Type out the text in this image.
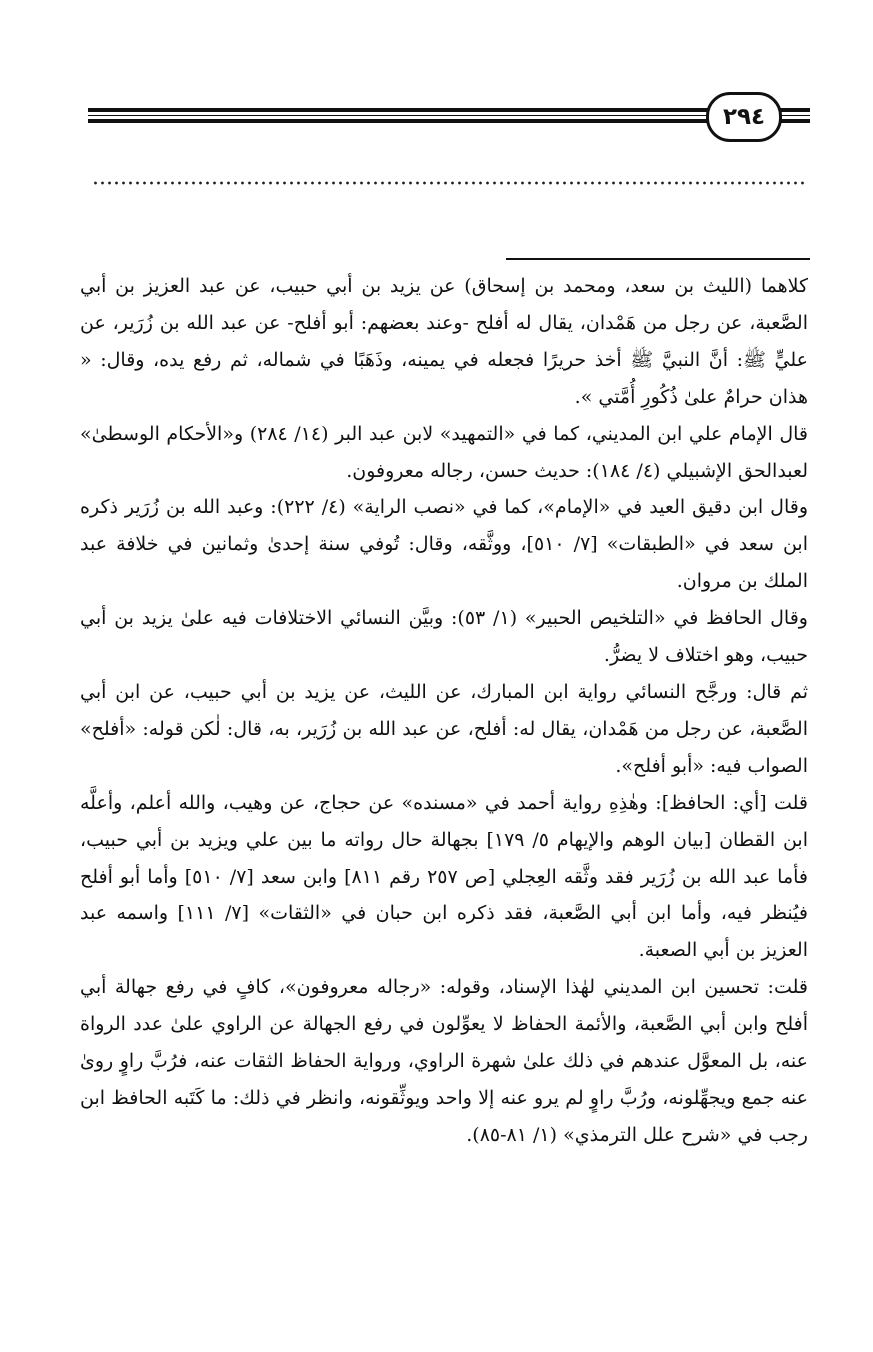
٢٩٤

كلاهما (الليث بن سعد، ومحمد بن إسحاق) عن يزيد بن أبي حبيب، عن عبد العزيز بن أبي الصَّعبة، عن رجل من هَمْدان، يقال له أفلح -وعند بعضهم: أبو أفلح- عن عبد الله بن زُرَير، عن عليٍّ ﷺ: أنَّ النبيَّ ﷺ أخذ حريرًا فجعله في يمينه، وذَهَبًا في شماله، ثم رفع يده، وقال: « هذان حرامٌ علىٰ ذُكُورِ أُمَّتي ».

قال الإمام علي ابن المديني، كما في «التمهيد» لابن عبد البر (١٤/ ٢٨٤) و«الأحكام الوسطىٰ» لعبدالحق الإشبيلي (٤/ ١٨٤): حديث حسن، رجاله معروفون.

وقال ابن دقيق العيد في «الإمام»، كما في «نصب الراية» (٤/ ٢٢٢): وعبد الله بن زُرَير ذكره ابن سعد في «الطبقات» [٧/ ٥١٠]، ووثَّقه، وقال: تُوفي سنة إحدىٰ وثمانين في خلافة عبد الملك بن مروان.

وقال الحافظ في «التلخيص الحبير» (١/ ٥٣): وبيَّن النسائي الاختلافات فيه علىٰ يزيد بن أبي حبيب، وهو اختلاف لا يضرُّ.

ثم قال: ورجَّح النسائي رواية ابن المبارك، عن الليث، عن يزيد بن أبي حبيب، عن ابن أبي الصَّعبة، عن رجل من هَمْدان، يقال له: أفلح، عن عبد الله بن زُرَير، به، قال: لٰكن قوله: «أفلح» الصواب فيه: «أبو أفلح».

قلت [أي: الحافظ]: وهٰذِهِ رواية أحمد في «مسنده» عن حجاج، عن وهيب، والله أعلم، وأعلَّه ابن القطان [بيان الوهم والإيهام ٥/ ١٧٩] بجهالة حال رواته ما بين علي ويزيد بن أبي حبيب، فأما عبد الله بن زُرَير فقد وثَّقه العِجلي [ص ٢٥٧ رقم ٨١١] وابن سعد [٧/ ٥١٠] وأما أبو أفلح فيُنظر فيه، وأما ابن أبي الصَّعبة، فقد ذكره ابن حبان في «الثقات» [٧/ ١١١] واسمه عبد العزيز بن أبي الصعبة.

قلت: تحسين ابن المديني لهٰذا الإسناد، وقوله: «رجاله معروفون»، كافٍ في رفع جهالة أبي أفلح وابن أبي الصَّعبة، والأئمة الحفاظ لا يعوِّلون في رفع الجهالة عن الراوي علىٰ عدد الرواة عنه، بل المعوَّل عندهم في ذلك علىٰ شهرة الراوي، ورواية الحفاظ الثقات عنه، فرُبَّ راوٍ روىٰ عنه جمع ويجهِّلونه، ورُبَّ راوٍ لم يرو عنه إلا واحد ويوثِّقونه، وانظر في ذلك: ما كَتَبه الحافظ ابن رجب في «شرح علل الترمذي» (١/ ٨١-٨٥).
